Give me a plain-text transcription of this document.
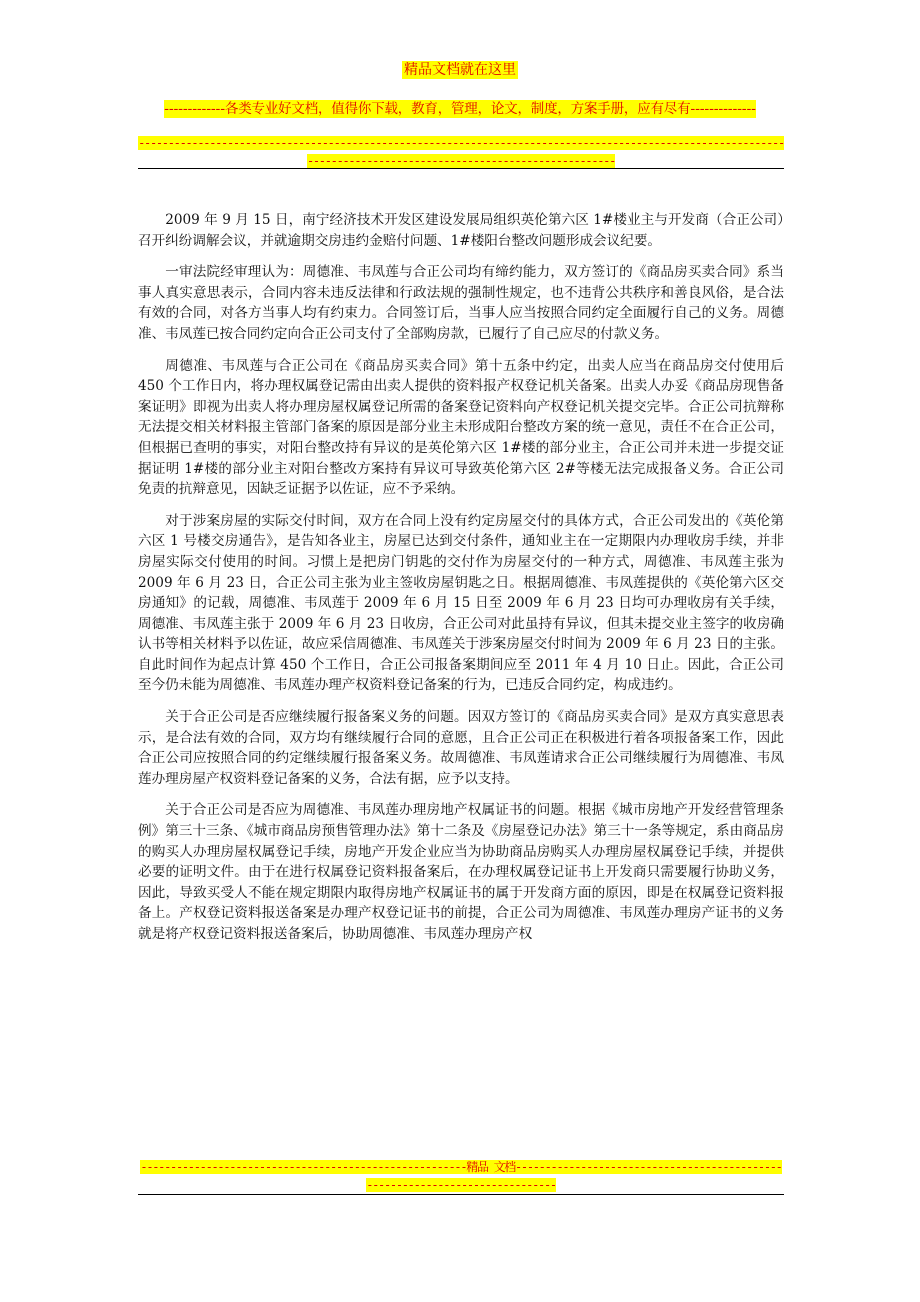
精品文档就在这里
-------------各类专业好文档，值得你下载，教育，管理，论文，制度，方案手册，应有尽有--------------
-----------------------------------------------------------------------------------------------------------------------------------------------------------------

2009 年 9 月 15 日，南宁经济技术开发区建设发展局组织英伦第六区 1#楼业主与开发商（合正公司）召开纠纷调解会议，并就逾期交房违约金赔付问题、1#楼阳台整改问题形成会议纪要。

一审法院经审理认为：周德准、韦凤莲与合正公司均有缔约能力，双方签订的《商品房买卖合同》系当事人真实意思表示，合同内容未违反法律和行政法规的强制性规定，也不违背公共秩序和善良风俗，是合法有效的合同，对各方当事人均有约束力。合同签订后，当事人应当按照合同约定全面履行自己的义务。周德准、韦凤莲已按合同约定向合正公司支付了全部购房款，已履行了自己应尽的付款义务。

周德准、韦凤莲与合正公司在《商品房买卖合同》第十五条中约定，出卖人应当在商品房交付使用后 450 个工作日内，将办理权属登记需由出卖人提供的资料报产权登记机关备案。出卖人办妥《商品房现售备案证明》即视为出卖人将办理房屋权属登记所需的备案登记资料向产权登记机关提交完毕。合正公司抗辩称无法提交相关材料报主管部门备案的原因是部分业主未形成阳台整改方案的统一意见，责任不在合正公司，但根据已查明的事实，对阳台整改持有异议的是英伦第六区 1#楼的部分业主，合正公司并未进一步提交证据证明 1#楼的部分业主对阳台整改方案持有异议可导致英伦第六区 2#等楼无法完成报备义务。合正公司免责的抗辩意见，因缺乏证据予以佐证，应不予采纳。

对于涉案房屋的实际交付时间，双方在合同上没有约定房屋交付的具体方式，合正公司发出的《英伦第六区 1 号楼交房通告》，是告知各业主，房屋已达到交付条件，通知业主在一定期限内办理收房手续，并非房屋实际交付使用的时间。习惯上是把房门钥匙的交付作为房屋交付的一种方式，周德准、韦凤莲主张为 2009 年 6 月 23 日，合正公司主张为业主签收房屋钥匙之日。根据周德准、韦凤莲提供的《英伦第六区交房通知》的记载，周德准、韦凤莲于 2009 年 6 月 15 日至 2009 年 6 月 23 日均可办理收房有关手续，周德准、韦凤莲主张于 2009 年 6 月 23 日收房，合正公司对此虽持有异议，但其未提交业主签字的收房确认书等相关材料予以佐证，故应采信周德准、韦凤莲关于涉案房屋交付时间为 2009 年 6 月 23 日的主张。自此时间作为起点计算 450 个工作日，合正公司报备案期间应至 2011 年 4 月 10 日止。因此，合正公司至今仍未能为周德准、韦凤莲办理产权资料登记备案的行为，已违反合同约定，构成违约。

关于合正公司是否应继续履行报备案义务的问题。因双方签订的《商品房买卖合同》是双方真实意思表示，是合法有效的合同，双方均有继续履行合同的意愿，且合正公司正在积极进行着各项报备案工作，因此合正公司应按照合同的约定继续履行报备案义务。故周德准、韦凤莲请求合正公司继续履行为周德准、韦凤莲办理房屋产权资料登记备案的义务，合法有据，应予以支持。

关于合正公司是否应为周德准、韦凤莲办理房地产权属证书的问题。根据《城市房地产开发经营管理条例》第三十三条、《城市商品房预售管理办法》第十二条及《房屋登记办法》第三十一条等规定，系由商品房的购买人办理房屋权属登记手续，房地产开发企业应当为协助商品房购买人办理房屋权属登记手续，并提供必要的证明文件。由于在进行权属登记资料报备案后，在办理权属登记证书上开发商只需要履行协助义务，因此，导致买受人不能在规定期限内取得房地产权属证书的属于开发商方面的原因，即是在权属登记资料报备上。产权登记资料报送备案是办理产权登记证书的前提，合正公司为周德准、韦凤莲办理房产证书的义务就是将产权登记资料报送备案后，协助周德准、韦凤莲办理房产权

-------------------------------------------------------精品 文档-----------------------------------------------------------------------------
